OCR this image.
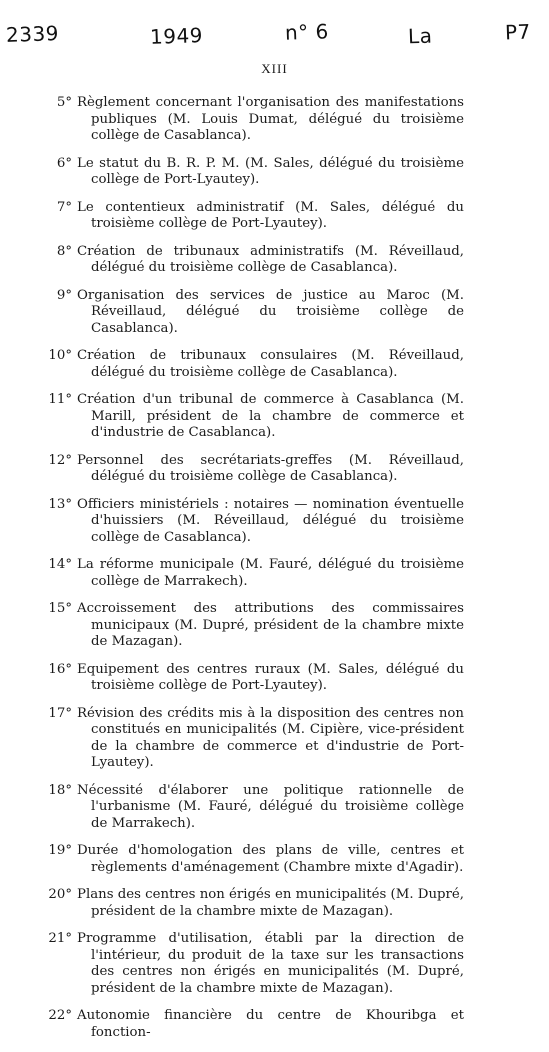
2339	1949	n° 6	La	P7
XIII
5° Règlement concernant l'organisation des manifestations publiques (M. Louis Dumat, délégué du troisième collège de Casablanca).
6° Le statut du B. R. P. M. (M. Sales, délégué du troisième collège de Port-Lyautey).
7° Le contentieux administratif (M. Sales, délégué du troisième collège de Port-Lyautey).
8° Création de tribunaux administratifs (M. Réveillaud, délégué du troisième collège de Casablanca).
9° Organisation des services de justice au Maroc (M. Réveillaud, délégué du troisième collège de Casablanca).
10° Création de tribunaux consulaires (M. Réveillaud, délégué du troisième collège de Casablanca).
11° Création d'un tribunal de commerce à Casablanca (M. Marill, président de la chambre de commerce et d'industrie de Casablanca).
12° Personnel des secrétariats-greffes (M. Réveillaud, délégué du troisième collège de Casablanca).
13° Officiers ministériels : notaires — nomination éventuelle d'huissiers (M. Réveillaud, délégué du troisième collège de Casablanca).
14° La réforme municipale (M. Fauré, délégué du troisième collège de Marrakech).
15° Accroissement des attributions des commissaires municipaux (M. Dupré, président de la chambre mixte de Mazagan).
16° Equipement des centres ruraux (M. Sales, délégué du troisième collège de Port-Lyautey).
17° Révision des crédits mis à la disposition des centres non constitués en municipalités (M. Cipière, vice-président de la chambre de commerce et d'industrie de Port-Lyautey).
18° Nécessité d'élaborer une politique rationnelle de l'urbanisme (M. Fauré, délégué du troisième collège de Marrakech).
19° Durée d'homologation des plans de ville, centres et règlements d'aménagement (Chambre mixte d'Agadir).
20° Plans des centres non érigés en municipalités (M. Dupré, président de la chambre mixte de Mazagan).
21° Programme d'utilisation, établi par la direction de l'intérieur, du produit de la taxe sur les transactions des centres non érigés en municipalités (M. Dupré, président de la chambre mixte de Mazagan).
22° Autonomie financière du centre de Khouribga et fonction-
